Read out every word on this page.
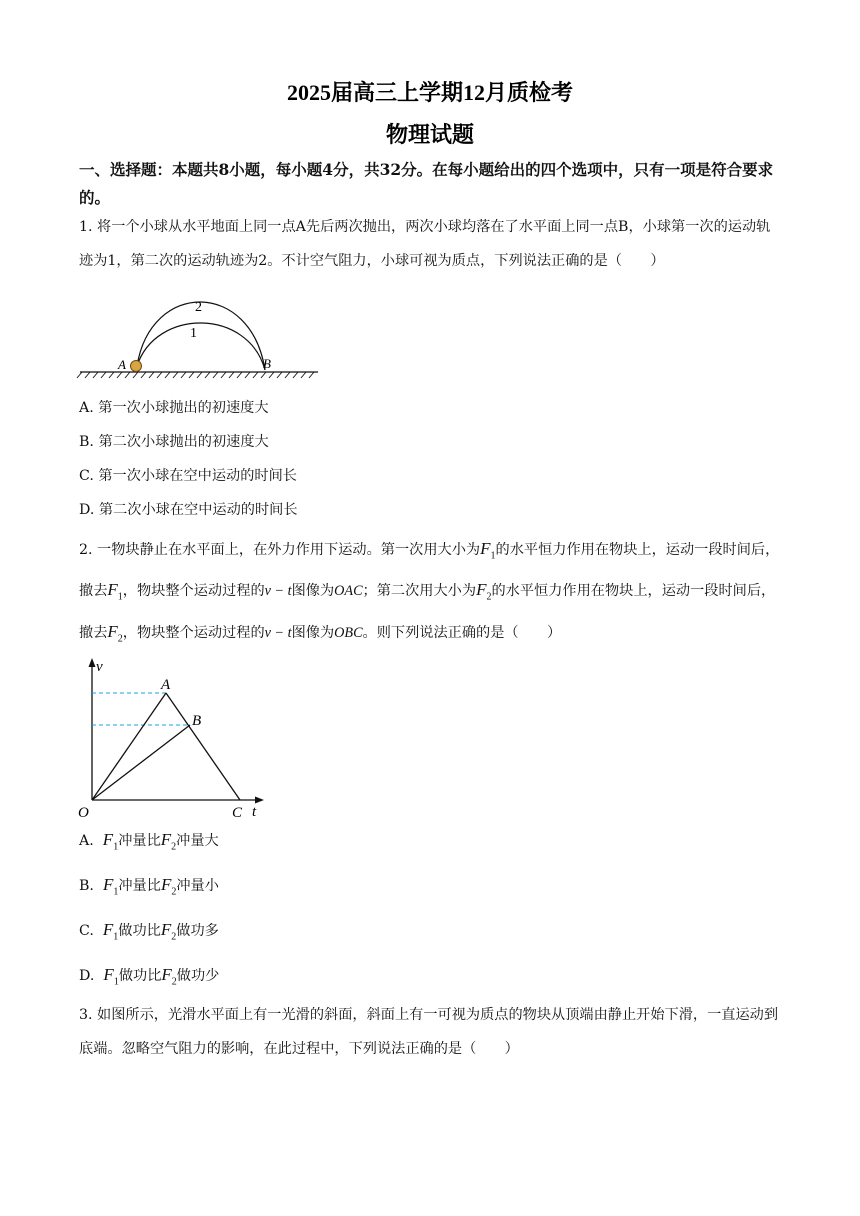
2025届高三上学期12月质检考
物理试题
一、选择题：本题共8小题，每小题4分，共32分。在每小题给出的四个选项中，只有一项是符合要求的。
1. 将一个小球从水平地面上同一点A先后两次抛出，两次小球均落在了水平面上同一点B，小球第一次的运动轨迹为1，第二次的运动轨迹为2。不计空气阻力，小球可视为质点，下列说法正确的是（　　）
A	B
2
1
A. 第一次小球抛出的初速度大
B. 第二次小球抛出的初速度大
C. 第一次小球在空中运动的时间长
D. 第二次小球在空中运动的时间长
2. 一物块静止在水平面上，在外力作用下运动。第一次用大小为$F_1$的水平恒力作用在物块上，运动一段时间后，撤去$F_1$，物块整个运动过程的v − t图像为OAC；第二次用大小为$F_2$的水平恒力作用在物块上，运动一段时间后，撤去$F_2$，物块整个运动过程的v − t图像为OBC。则下列说法正确的是（　　）
v
t
O
A
B
C
A. $F_1$冲量比$F_2$冲量大
B. $F_1$冲量比$F_2$冲量小
C. $F_1$做功比$F_2$做功多
D. $F_1$做功比$F_2$做功少
3. 如图所示，光滑水平面上有一光滑的斜面，斜面上有一可视为质点的物块从顶端由静止开始下滑，一直运动到底端。忽略空气阻力的影响，在此过程中，下列说法正确的是（　　）
